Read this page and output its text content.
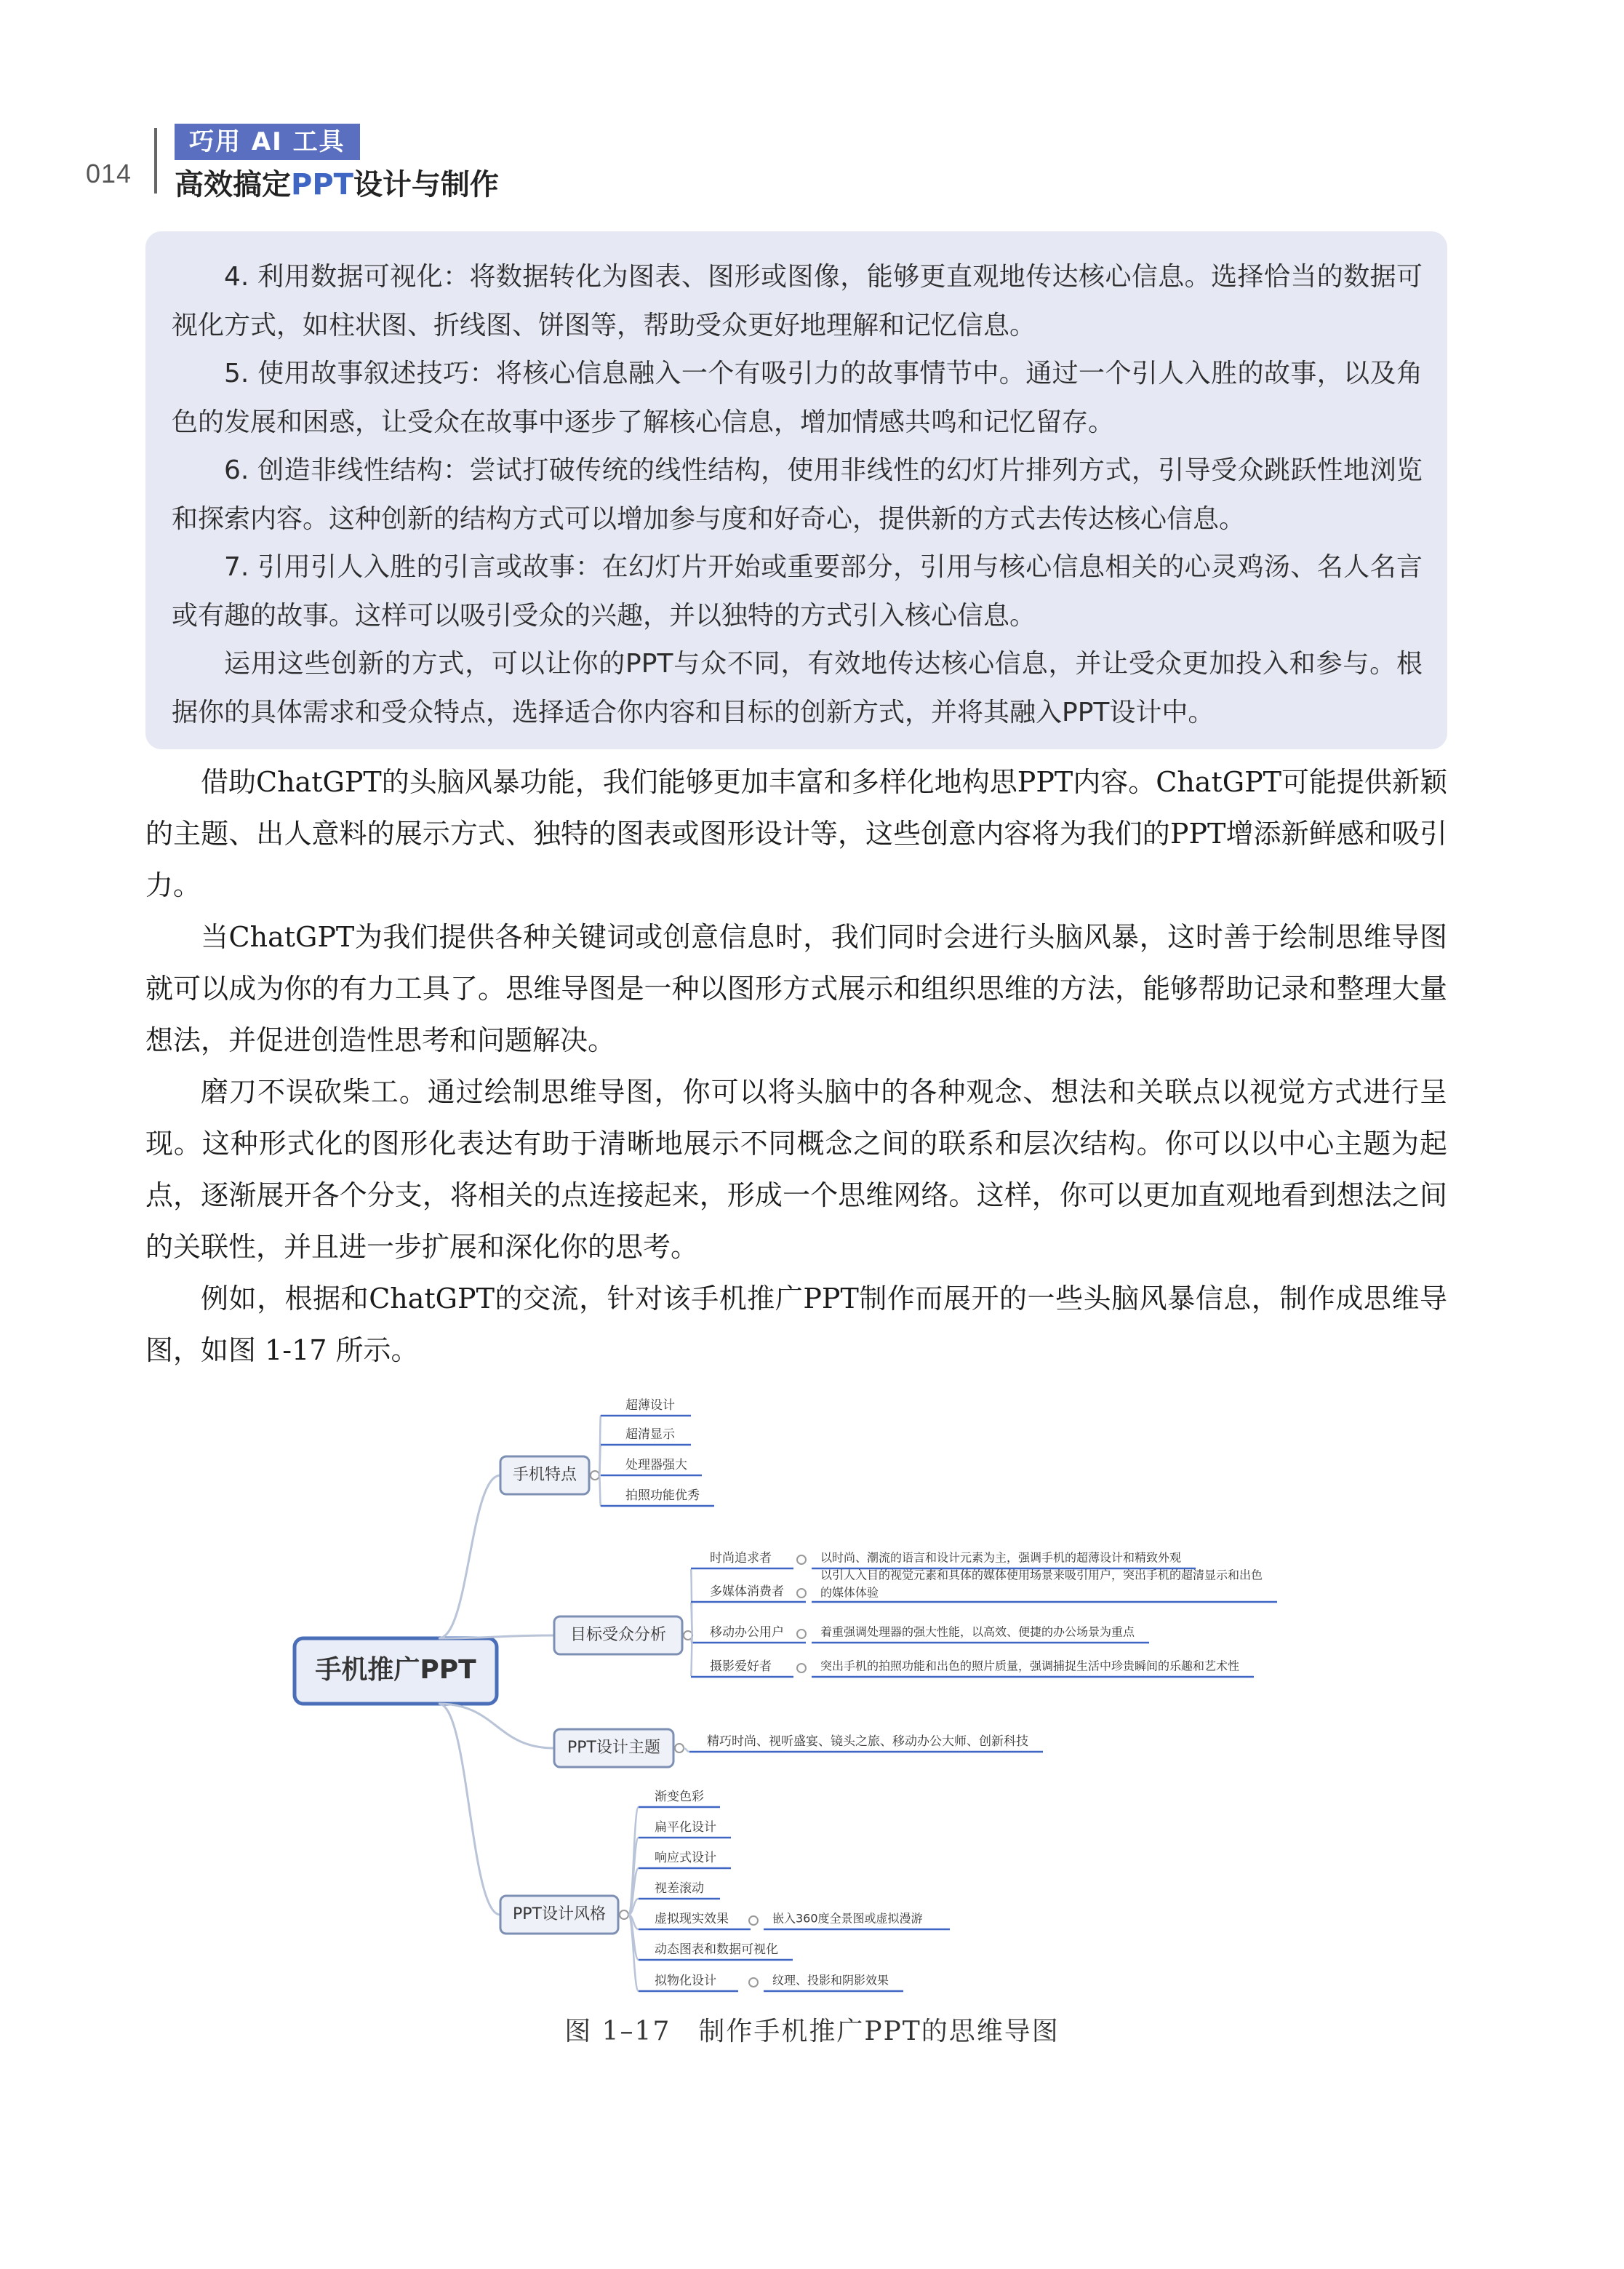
014
巧用 AI 工具
高效搞定PPT设计与制作

4. 利用数据可视化：将数据转化为图表、图形或图像，能够更直观地传达核心信息。选择恰当的数据可视化方式，如柱状图、折线图、饼图等，帮助受众更好地理解和记忆信息。

5. 使用故事叙述技巧：将核心信息融入一个有吸引力的故事情节中。通过一个引人入胜的故事，以及角色的发展和困惑，让受众在故事中逐步了解核心信息，增加情感共鸣和记忆留存。

6. 创造非线性结构：尝试打破传统的线性结构，使用非线性的幻灯片排列方式，引导受众跳跃性地浏览和探索内容。这种创新的结构方式可以增加参与度和好奇心，提供新的方式去传达核心信息。

7. 引用引人入胜的引言或故事：在幻灯片开始或重要部分，引用与核心信息相关的心灵鸡汤、名人名言或有趣的故事。这样可以吸引受众的兴趣，并以独特的方式引入核心信息。

运用这些创新的方式，可以让你的PPT与众不同，有效地传达核心信息，并让受众更加投入和参与。根据你的具体需求和受众特点，选择适合你内容和目标的创新方式，并将其融入PPT设计中。

借助ChatGPT的头脑风暴功能，我们能够更加丰富和多样化地构思PPT内容。ChatGPT可能提供新颖的主题、出人意料的展示方式、独特的图表或图形设计等，这些创意内容将为我们的PPT增添新鲜感和吸引力。

当ChatGPT为我们提供各种关键词或创意信息时，我们同时会进行头脑风暴，这时善于绘制思维导图就可以成为你的有力工具了。思维导图是一种以图形方式展示和组织思维的方法，能够帮助记录和整理大量想法，并促进创造性思考和问题解决。

磨刀不误砍柴工。通过绘制思维导图，你可以将头脑中的各种观念、想法和关联点以视觉方式进行呈现。这种形式化的图形化表达有助于清晰地展示不同概念之间的联系和层次结构。你可以以中心主题为起点，逐渐展开各个分支，将相关的点连接起来，形成一个思维网络。这样，你可以更加直观地看到想法之间的关联性，并且进一步扩展和深化你的思考。

例如，根据和ChatGPT的交流，针对该手机推广PPT制作而展开的一些头脑风暴信息，制作成思维导图，如图 1-17 所示。

手机推广PPT
手机特点
超薄设计
超清显示
处理器强大
拍照功能优秀
目标受众分析
时尚追求者	以时尚、潮流的语言和设计元素为主，强调手机的超薄设计和精致外观
多媒体消费者
以引人入目的视觉元素和具体的媒体使用场景来吸引用户，突出手机的超清显示和出色
的媒体体验
移动办公用户	着重强调处理器的强大性能，以高效、便捷的办公场景为重点
摄影爱好者	突出手机的拍照功能和出色的照片质量，强调捕捉生活中珍贵瞬间的乐趣和艺术性
PPT设计主题	精巧时尚、视听盛宴、镜头之旅、移动办公大师、创新科技
PPT设计风格
渐变色彩
扁平化设计
响应式设计
视差滚动
虚拟现实效果	嵌入360度全景图或虚拟漫游
动态图表和数据可视化
拟物化设计	纹理、投影和阴影效果
图 1–17　制作手机推广PPT的思维导图
